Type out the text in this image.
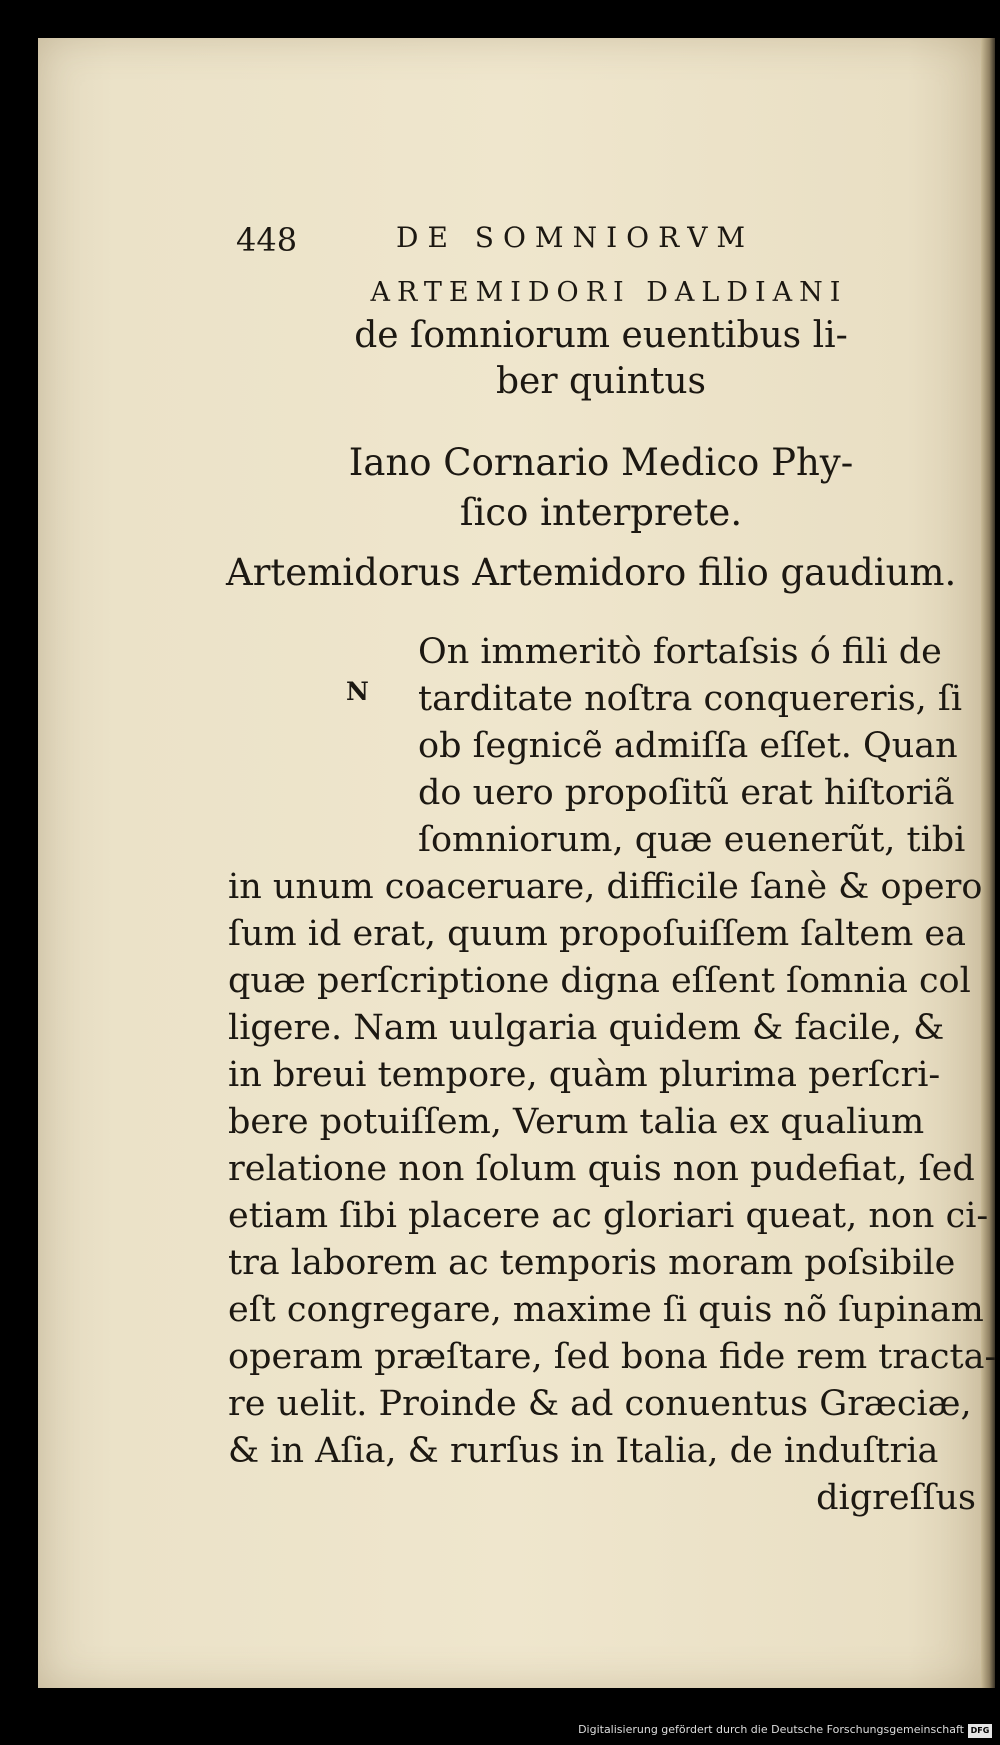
448	DE SOMNIORVM

ARTEMIDORI DALDIANI

de ſomniorum euentibus li-

ber quintus

Iano Cornario Medico Phy-

ſico interprete.

Artemidorus Artemidoro filio gaudium.
N

On immeritò fortaſsis ó fili de

tarditate noſtra conquereris, ſi

ob ſegnicẽ admiſſa eſſet. Quan

do uero propoſitũ erat hiſtoriã

ſomniorum, quæ euenerũt, tibi

in unum coaceruare, difficile ſanè & opero

ſum id erat, quum propoſuiſſem ſaltem ea

quæ perſcriptione digna eſſent ſomnia col

ligere. Nam uulgaria quidem & facile, &

in breui tempore, quàm plurima perſcri-

bere potuiſſem, Verum talia ex qualium

relatione non ſolum quis non pudefiat, ſed

etiam ſibi placere ac gloriari queat, non ci-

tra laborem ac temporis moram poſsibile

eſt congregare, maxime ſi quis nõ ſupinam

operam præſtare, ſed bona fide rem tracta-

re uelit. Proinde & ad conuentus Græciæ,

& in Aſia, & rurſus in Italia, de induſtria

digreſſus

Digitalisierung gefördert durch die Deutsche Forschungsgemeinschaft DFG
